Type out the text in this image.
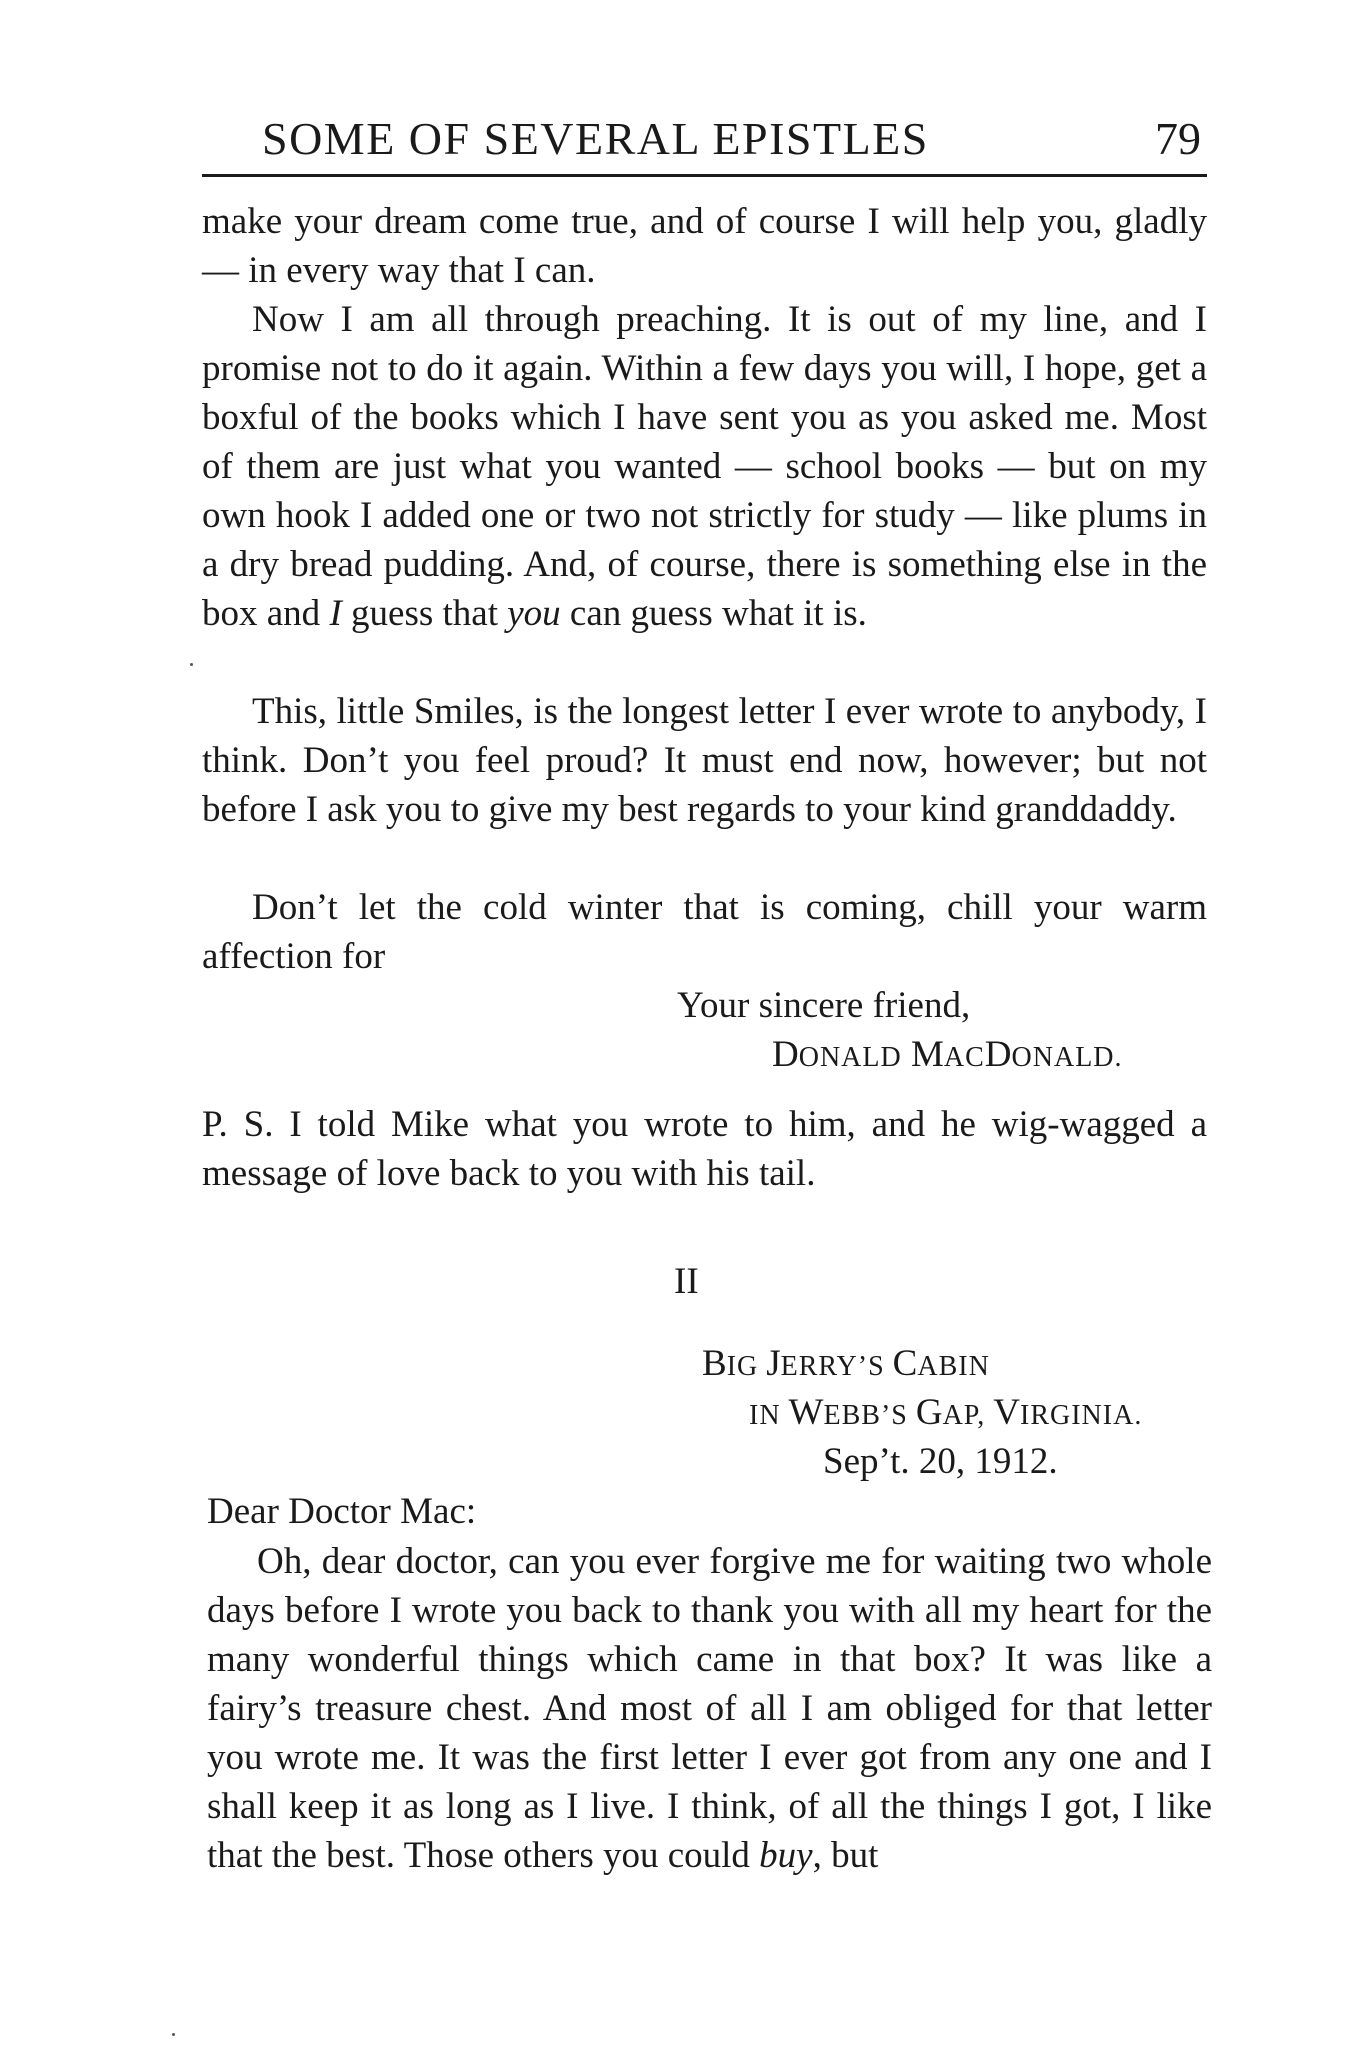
SOME OF SEVERAL EPISTLES	79
make your dream come true, and of course I will help you, gladly — in every way that I can.
Now I am all through preaching. It is out of my line, and I promise not to do it again. Within a few days you will, I hope, get a boxful of the books which I have sent you as you asked me. Most of them are just what you wanted — school books — but on my own hook I added one or two not strictly for study — like plums in a dry bread pudding. And, of course, there is something else in the box and I guess that you can guess what it is.
This, little Smiles, is the longest letter I ever wrote to anybody, I think. Don’t you feel proud? It must end now, however; but not before I ask you to give my best regards to your kind granddaddy.
Don’t let the cold winter that is coming, chill your warm affection for
Your sincere friend,
DONALD MACDONALD.
P. S. I told Mike what you wrote to him, and he wig-wagged a message of love back to you with his tail.
II
BIG JERRY’S CABIN
IN WEBB’S GAP, VIRGINIA.
Sep’t. 20, 1912.
Dear Doctor Mac:
Oh, dear doctor, can you ever forgive me for waiting two whole days before I wrote you back to thank you with all my heart for the many wonderful things which came in that box? It was like a fairy’s treasure chest. And most of all I am obliged for that letter you wrote me. It was the first letter I ever got from any one and I shall keep it as long as I live. I think, of all the things I got, I like that the best. Those others you could buy, but
